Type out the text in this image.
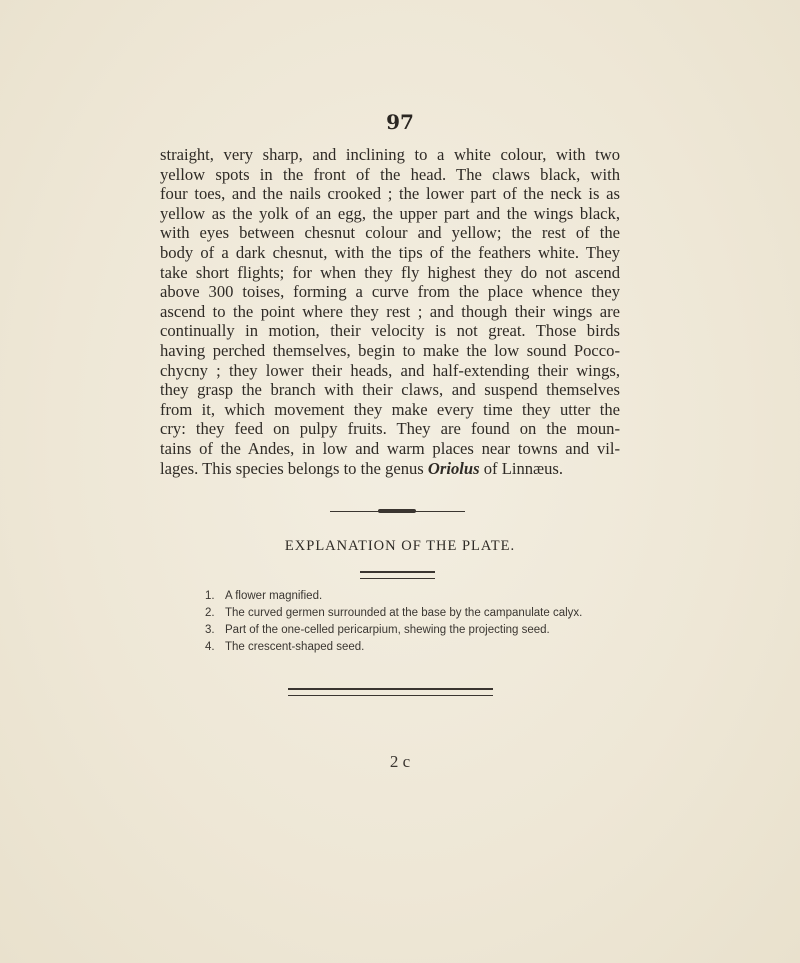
97
straight, very sharp, and inclining to a white colour, with two
yellow spots in the front of the head. The claws black, with
four toes, and the nails crooked ; the lower part of the neck is as
yellow as the yolk of an egg, the upper part and the wings black,
with eyes between chesnut colour and yellow; the rest of the
body of a dark chesnut, with the tips of the feathers white. They
take short flights; for when they fly highest they do not ascend
above 300 toises, forming a curve from the place whence they
ascend to the point where they rest ; and though their wings are
continually in motion, their velocity is not great. Those birds
having perched themselves, begin to make the low sound Pocco-
chycny ; they lower their heads, and half-extending their wings,
they grasp the branch with their claws, and suspend themselves
from it, which movement they make every time they utter the
cry: they feed on pulpy fruits. They are found on the moun-
tains of the Andes, in low and warm places near towns and vil-
lages. This species belongs to the genus Oriolus of Linnæus.
EXPLANATION OF THE PLATE.
1. A flower magnified.
2. The curved germen surrounded at the base by the campanulate calyx.
3. Part of the one-celled pericarpium, shewing the projecting seed.
4. The crescent-shaped seed.
2 c
